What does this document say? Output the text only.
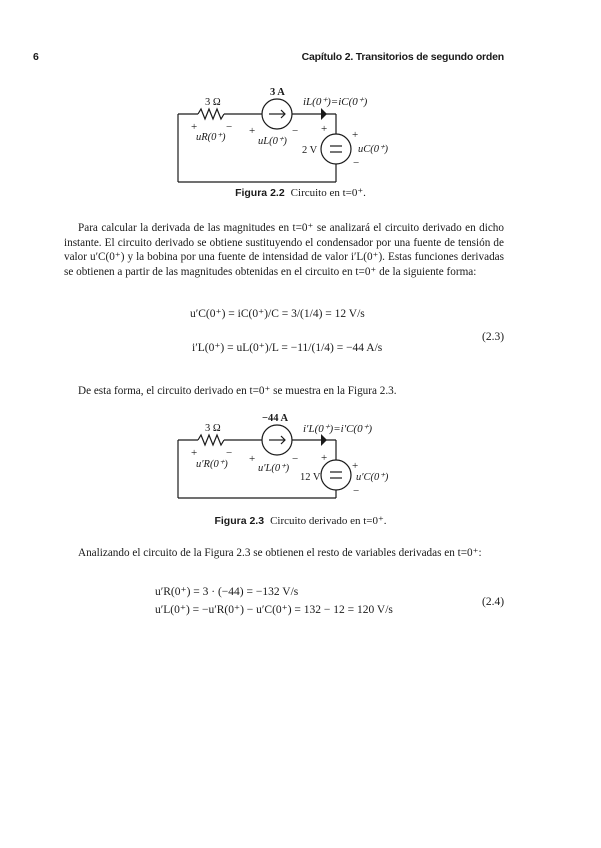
6	Capítulo 2. Transitorios de segundo orden
3 Ω
3 A
iL(0⁺)=iC(0⁺)
+	−
uR(0⁺)
+	−
uL(0⁺)
+
2 V
+
uC(0⁺)
−
Figura 2.2 Circuito en t=0⁺.

Para calcular la derivada de las magnitudes en t=0⁺ se analizará el circuito derivado en dicho instante. El circuito derivado se obtiene sustituyendo el condensador por una fuente de tensión de valor u′C(0⁺) y la bobina por una fuente de intensidad de valor i′L(0⁺). Estas funciones derivadas se obtienen a partir de las magnitudes obtenidas en el circuito en t=0⁺ de la siguiente forma:

u′C(0⁺) = iC(0⁺)/C = 3/(1/4) = 12 V/s
i′L(0⁺) = uL(0⁺)/L = −11/(1/4) = −44 A/s
(2.3)

De esta forma, el circuito derivado en t=0⁺ se muestra en la Figura 2.3.

3 Ω
−44 A
i′L(0⁺)=i′C(0⁺)
+	−
u′R(0⁺) +	−
u′L(0⁺)
+
12 V
+
u′C(0⁺)
−
Figura 2.3 Circuito derivado en t=0⁺.

Analizando el circuito de la Figura 2.3 se obtienen el resto de variables derivadas en t=0⁺:

u′R(0⁺) = 3 · (−44) = −132 V/s
u′L(0⁺) = −u′R(0⁺) − u′C(0⁺) = 132 − 12 = 120 V/s
(2.4)
